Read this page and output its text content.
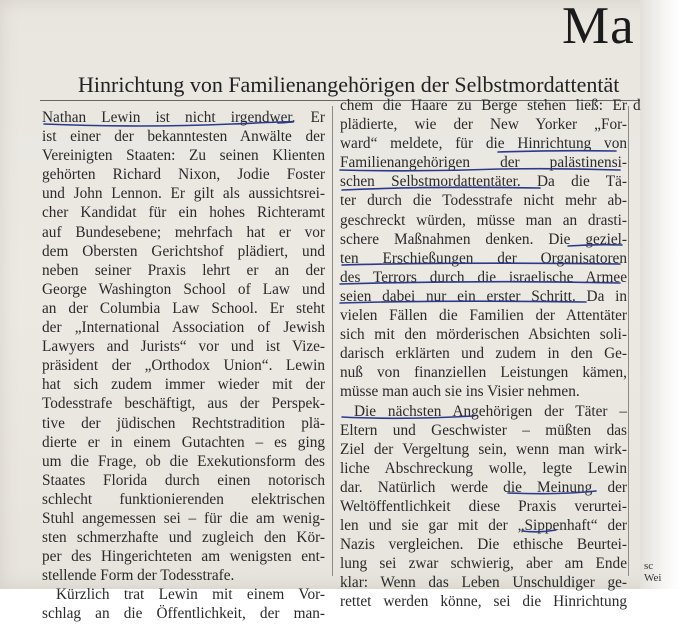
Ma
Hinrichtung von Familienangehörigen der Selbstmordattentät
Nathan Lewin ist nicht irgendwer. Er
ist einer der bekanntesten Anwälte der
Vereinigten Staaten: Zu seinen Klienten
gehörten Richard Nixon, Jodie Foster
und John Lennon. Er gilt als aussichtsrei-
cher Kandidat für ein hohes Richteramt
auf Bundesebene; mehrfach hat er vor
dem Obersten Gerichtshof plädiert, und
neben seiner Praxis lehrt er an der
George Washington School of Law und
an der Columbia Law School. Er steht
der „International Association of Jewish
Lawyers and Jurists“ vor und ist Vize-
präsident der „Orthodox Union“. Lewin
hat sich zudem immer wieder mit der
Todesstrafe beschäftigt, aus der Perspek-
tive der jüdischen Rechtstradition plä-
dierte er in einem Gutachten – es ging
um die Frage, ob die Exekutionsform des
Staates Florida durch einen notorisch
schlecht funktionierenden elektrischen
Stuhl angemessen sei – für die am wenig-
sten schmerzhafte und zugleich den Kör-
per des Hingerichteten am wenigsten ent-
stellende Form der Todesstrafe.
Kürzlich trat Lewin mit einem Vor-
schlag an die Öffentlichkeit, der man-
chem die Haare zu Berge stehen ließ: Er
plädierte, wie der New Yorker „For-
ward“ meldete, für die Hinrichtung von
Familienangehörigen der palästinensi-
schen Selbstmordattentäter. Da die Tä-
ter durch die Todesstrafe nicht mehr ab-
geschreckt würden, müsse man an drasti-
schere Maßnahmen denken. Die geziel-
ten Erschießungen der Organisatoren
des Terrors durch die israelische Armee
seien dabei nur ein erster Schritt. Da in
vielen Fällen die Familien der Attentäter
sich mit den mörderischen Absichten soli-
darisch erklärten und zudem in den Ge-
nuß von finanziellen Leistungen kämen,
müsse man auch sie ins Visier nehmen.
Die nächsten Angehörigen der Täter –
Eltern und Geschwister – müßten das
Ziel der Vergeltung sein, wenn man wirk-
liche Abschreckung wolle, legte Lewin
dar. Natürlich werde die Meinung der
Weltöffentlichkeit diese Praxis verurtei-
len und sie gar mit der „Sippenhaft“ der
Nazis vergleichen. Die ethische Beurtei-
lung sei zwar schwierig, aber am Ende
klar: Wenn das Leben Unschuldiger ge-
rettet werden könne, sei die Hinrichtung
d
sc
Wei
